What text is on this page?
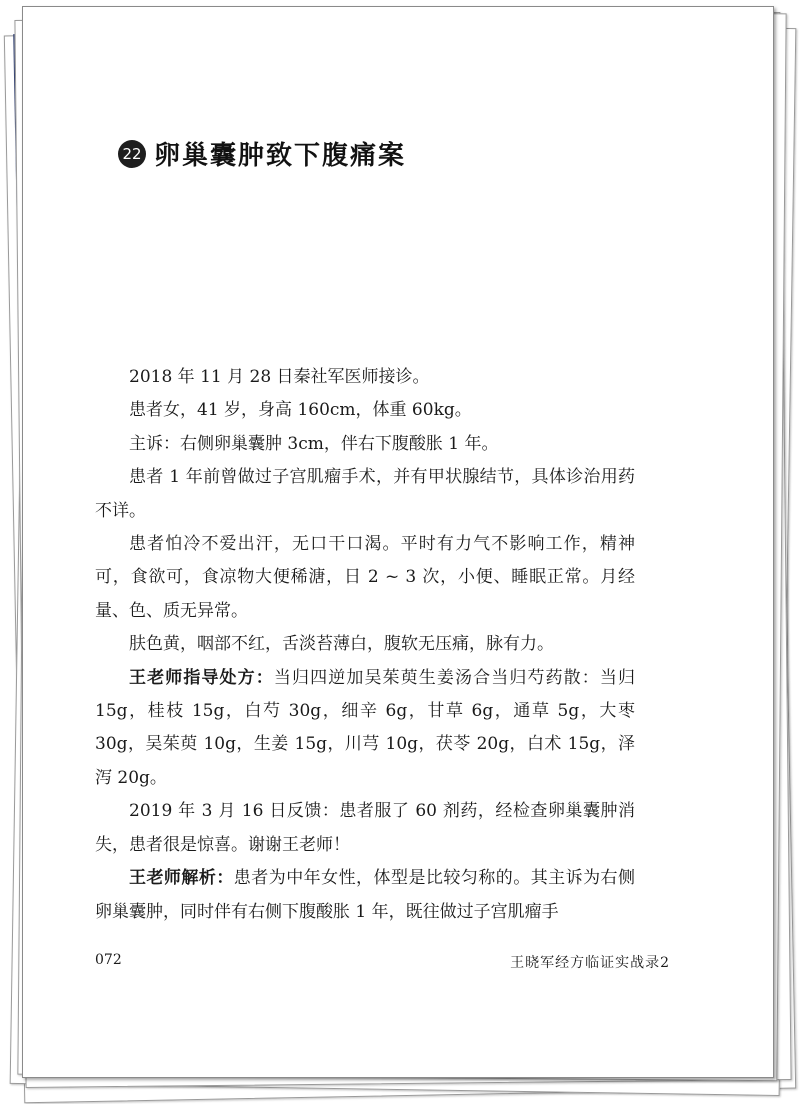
22 卵巢囊肿致下腹痛案

2018 年 11 月 28 日秦社军医师接诊。

患者女，41 岁，身高 160cm，体重 60kg。

主诉：右侧卵巢囊肿 3cm，伴右下腹酸胀 1 年。

患者 1 年前曾做过子宫肌瘤手术，并有甲状腺结节，具体诊治用药不详。

患者怕冷不爱出汗，无口干口渴。平时有力气不影响工作，精神可，食欲可，食凉物大便稀溏，日 2 ~ 3 次，小便、睡眠正常。月经量、色、质无异常。

肤色黄，咽部不红，舌淡苔薄白，腹软无压痛，脉有力。

王老师指导处方：当归四逆加吴茱萸生姜汤合当归芍药散：当归 15g，桂枝 15g，白芍 30g，细辛 6g，甘草 6g，通草 5g，大枣 30g，吴茱萸 10g，生姜 15g，川芎 10g，茯苓 20g，白术 15g，泽泻 20g。

2019 年 3 月 16 日反馈：患者服了 60 剂药，经检查卵巢囊肿消失，患者很是惊喜。谢谢王老师！

王老师解析：患者为中年女性，体型是比较匀称的。其主诉为右侧卵巢囊肿，同时伴有右侧下腹酸胀 1 年，既往做过子宫肌瘤手

072	王晓军经方临证实战录2
